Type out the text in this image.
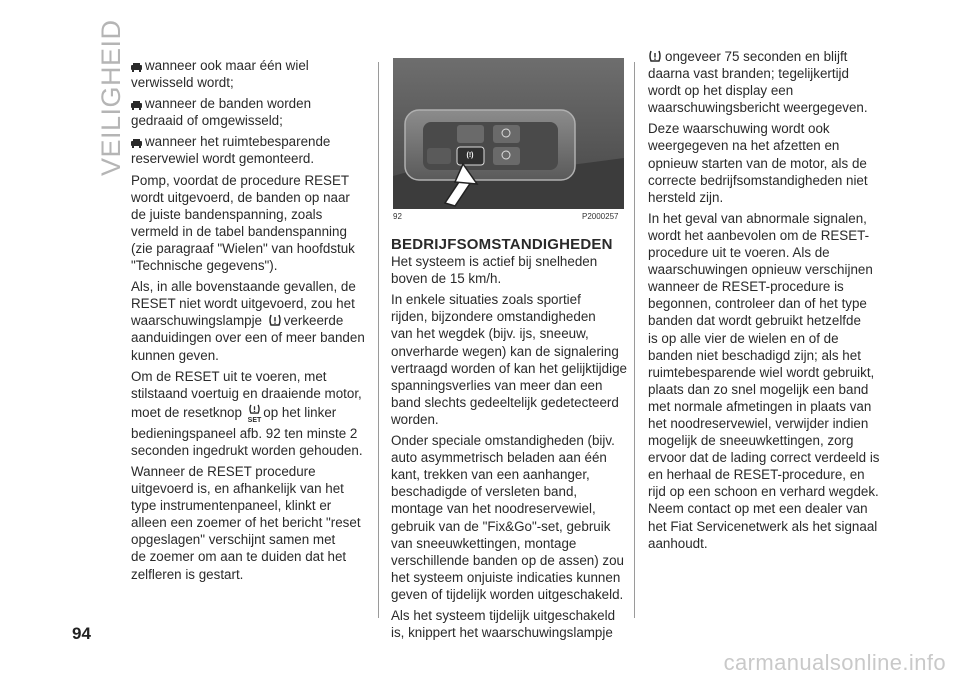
VEILIGHEID
94

wanneer ook maar één wiel
verwisseld wordt;

wanneer de banden worden
gedraaid of omgewisseld;

wanneer het ruimtebesparende
reservewiel wordt gemonteerd.

Pomp, voordat de procedure RESET
wordt uitgevoerd, de banden op naar
de juiste bandenspanning, zoals
vermeld in de tabel bandenspanning
(zie paragraaf "Wielen" van hoofdstuk
"Technische gegevens").

Als, in alle bovenstaande gevallen, de
RESET niet wordt uitgevoerd, zou het
waarschuwingslampje verkeerde
aanduidingen over een of meer banden
kunnen geven.

Om de RESET uit te voeren, met
stilstaand voertuig en draaiende motor,
moet de resetknop
SETop het linker
bedieningspaneel afb. 92 ten minste 2
seconden ingedrukt worden gehouden.

Wanneer de RESET procedure
uitgevoerd is, en afhankelijk van het
type instrumentenpaneel, klinkt er
alleen een zoemer of het bericht "reset
opgeslagen" verschijnt samen met
de zoemer om aan te duiden dat het
zelfleren is gestart.

(!)
92	P2000257
BEDRIJFSOMSTANDIGHEDEN

Het systeem is actief bij snelheden
boven de 15 km/h.

In enkele situaties zoals sportief
rijden, bijzondere omstandigheden
van het wegdek (bijv. ijs, sneeuw,
onverharde wegen) kan de signalering
vertraagd worden of kan het gelijktijdige
spanningsverlies van meer dan een
band slechts gedeeltelijk gedetecteerd
worden.

Onder speciale omstandigheden (bijv.
auto asymmetrisch beladen aan één
kant, trekken van een aanhanger,
beschadigde of versleten band,
montage van het noodreservewiel,
gebruik van de "Fix&Go"-set, gebruik
van sneeuwkettingen, montage
verschillende banden op de assen) zou
het systeem onjuiste indicaties kunnen
geven of tijdelijk worden uitgeschakeld.

Als het systeem tijdelijk uitgeschakeld
is, knippert het waarschuwingslampje

ongeveer 75 seconden en blijft
daarna vast branden; tegelijkertijd
wordt op het display een
waarschuwingsbericht weergegeven.

Deze waarschuwing wordt ook
weergegeven na het afzetten en
opnieuw starten van de motor, als de
correcte bedrijfsomstandigheden niet
hersteld zijn.

In het geval van abnormale signalen,
wordt het aanbevolen om de RESET-
procedure uit te voeren. Als de
waarschuwingen opnieuw verschijnen
wanneer de RESET-procedure is
begonnen, controleer dan of het type
banden dat wordt gebruikt hetzelfde
is op alle vier de wielen en of de
banden niet beschadigd zijn; als het
ruimtebesparende wiel wordt gebruikt,
plaats dan zo snel mogelijk een band
met normale afmetingen in plaats van
het noodreservewiel, verwijder indien
mogelijk de sneeuwkettingen, zorg
ervoor dat de lading correct verdeeld is
en herhaal de RESET-procedure, en
rijd op een schoon en verhard wegdek.
Neem contact op met een dealer van
het Fiat Servicenetwerk als het signaal
aanhoudt.

carmanualsonline.info
